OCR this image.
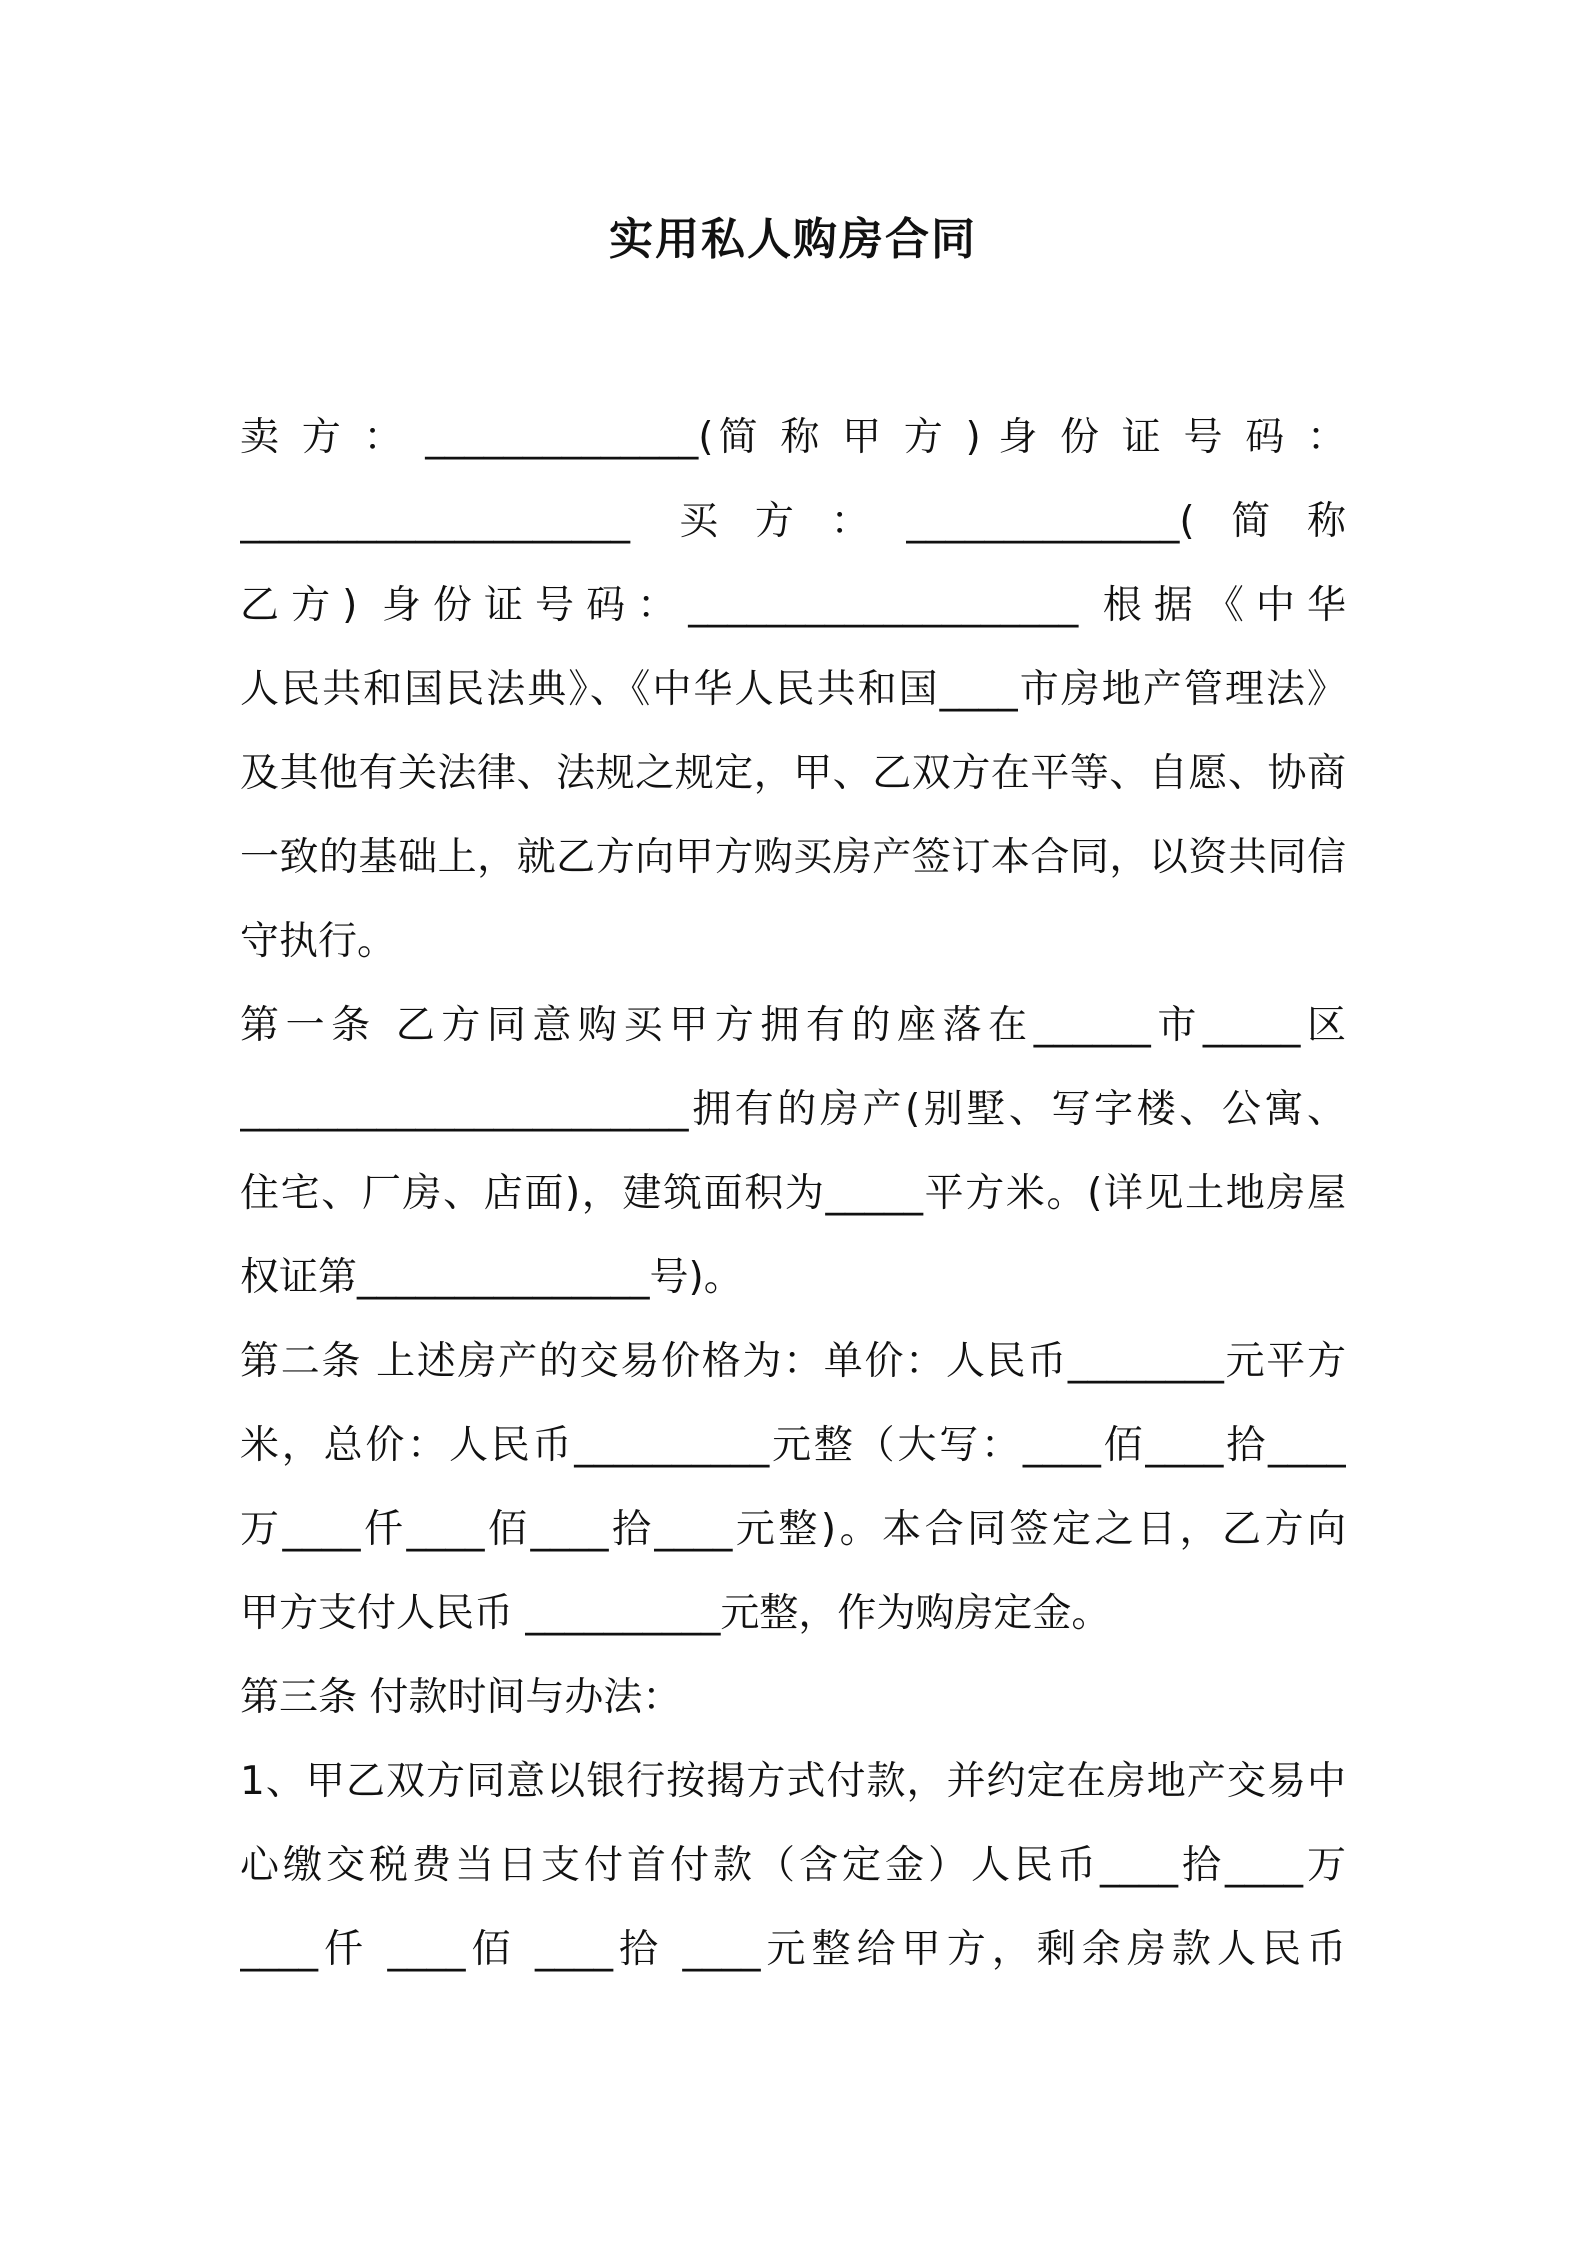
实用私人购房合同
卖 方 ： ______________(简 称 甲 方 ) 身 份 证 号 码 ：
____________________ 买方：______________(简称
乙方) 身份证号码：____________________ 根据《中华
人民共和国民法典》、《中华人民共和国____市房地产管理法》
及其他有关法律、法规之规定，甲、乙双方在平等、自愿、协商
一致的基础上，就乙方向甲方购买房产签订本合同，以资共同信
守执行。
第一条 乙方同意购买甲方拥有的座落在______市_____区
_______________________拥有的房产(别墅、写字楼、公寓、
住宅、厂房、店面)，建筑面积为_____平方米。(详见土地房屋
权证第_______________号)。
第二条 上述房产的交易价格为：单价：人民币________元平方
米，总价：人民币__________元整（大写：____佰____拾____
万____仟____佰____拾____元整)。本合同签定之日，乙方向
甲方支付人民币 __________元整，作为购房定金。
第三条 付款时间与办法：
1、甲乙双方同意以银行按揭方式付款，并约定在房地产交易中
心缴交税费当日支付首付款（含定金）人民币____拾____万
____仟 ____佰 ____拾 ____元整给甲方，剩余房款人民币
